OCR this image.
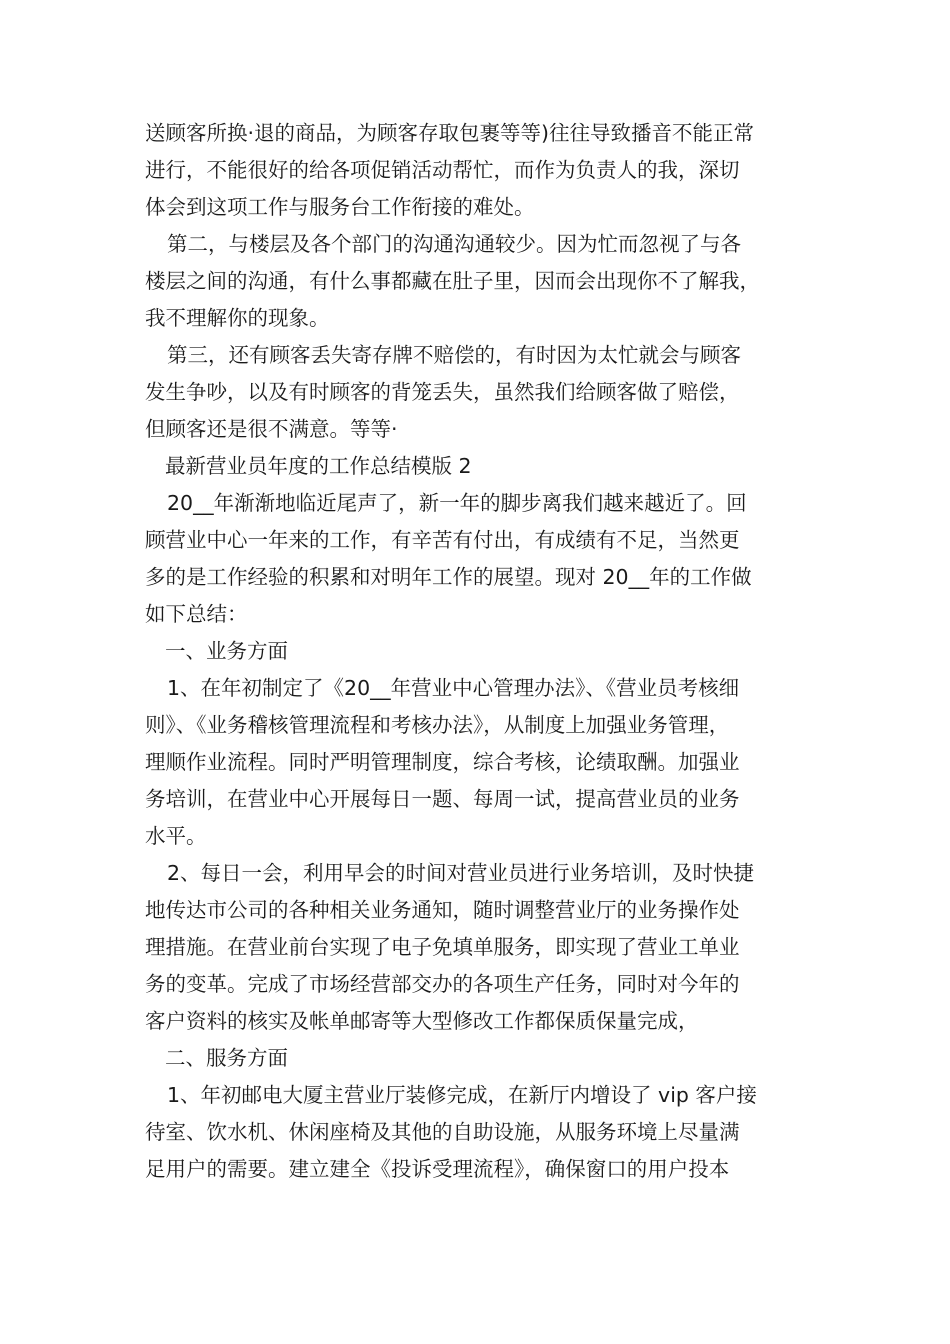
送顾客所换·退的商品，为顾客存取包裹等等)往往导致播音不能正常

进行，不能很好的给各项促销活动帮忙，而作为负责人的我，深切

体会到这项工作与服务台工作衔接的难处。

第二，与楼层及各个部门的沟通沟通较少。因为忙而忽视了与各

楼层之间的沟通，有什么事都藏在肚子里，因而会出现你不了解我，

我不理解你的现象。

第三，还有顾客丢失寄存牌不赔偿的，有时因为太忙就会与顾客

发生争吵，以及有时顾客的背笼丢失，虽然我们给顾客做了赔偿，

但顾客还是很不满意。等等·

最新营业员年度的工作总结模版 2

20__年渐渐地临近尾声了，新一年的脚步离我们越来越近了。回

顾营业中心一年来的工作，有辛苦有付出，有成绩有不足，当然更

多的是工作经验的积累和对明年工作的展望。现对 20__年的工作做

如下总结：

一、业务方面

1、在年初制定了《20__年营业中心管理办法》、《营业员考核细

则》、《业务稽核管理流程和考核办法》，从制度上加强业务管理，

理顺作业流程。同时严明管理制度，综合考核，论绩取酬。加强业

务培训，在营业中心开展每日一题、每周一试，提高营业员的业务

水平。

2、每日一会，利用早会的时间对营业员进行业务培训，及时快捷

地传达市公司的各种相关业务通知，随时调整营业厅的业务操作处

理措施。在营业前台实现了电子免填单服务，即实现了营业工单业

务的变革。完成了市场经营部交办的各项生产任务，同时对今年的

客户资料的核实及帐单邮寄等大型修改工作都保质保量完成，

二、服务方面

1、年初邮电大厦主营业厅装修完成，在新厅内增设了 vip 客户接

待室、饮水机、休闲座椅及其他的自助设施，从服务环境上尽量满

足用户的需要。建立建全《投诉受理流程》，确保窗口的用户投本
